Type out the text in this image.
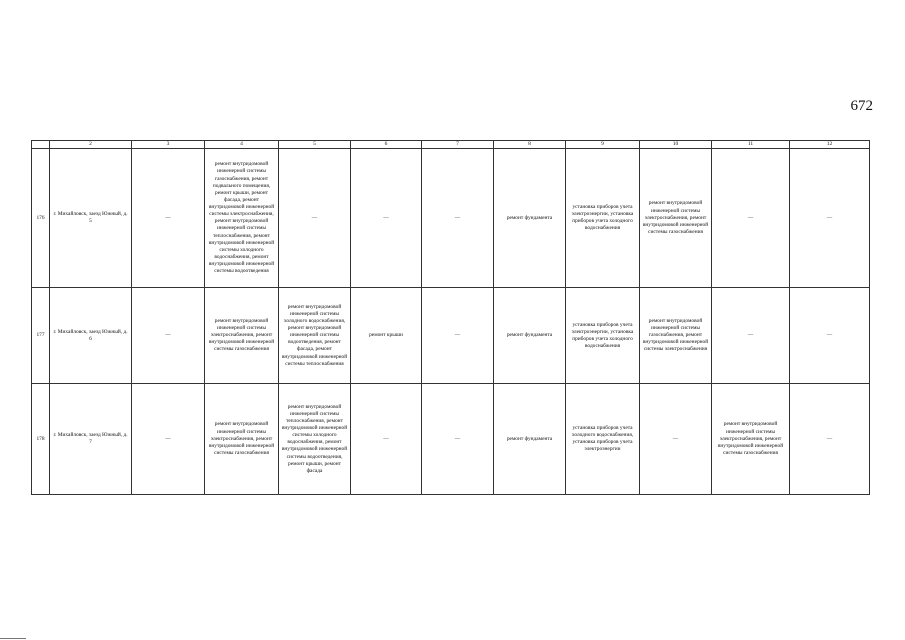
672
	2	3	4	5	6	7	8	9	10	11	12
176	г. Михайловск, заезд Южный, д. 5	—	ремонт внутридомовой инженерной системы газоснабжения, ремонт подвального помещения, ремонт крыши, ремонт фасада, ремонт внутридомовой инженерной системы электроснабжения, ремонт внутридомовой инженерной системы теплоснабжения, ремонт внутридомовой инженерной системы холодного водоснабжения, ремонт внутридомовой инженерной системы водоотведения	—	—	—	ремонт фундамента	установка приборов учета электроэнергии, установка приборов учета холодного водоснабжения	ремонт внутридомовой инженерной системы электроснабжения, ремонт внутридомовой инженерной системы газоснабжения	—	—
177	г. Михайловск, заезд Южный, д. 6	—	ремонт внутридомовой инженерной системы электроснабжения, ремонт внутридомовой инженерной системы газоснабжения	ремонт внутридомовой инженерной системы холодного водоснабжения, ремонт внутридомовой инженерной системы водоотведения, ремонт фасада, ремонт внутридомовой инженерной системы теплоснабжения	ремонт крыши	—	ремонт фундамента	установка приборов учета электроэнергии, установка приборов учета холодного водоснабжения	ремонт внутридомовой инженерной системы газоснабжения, ремонт внутридомовой инженерной системы электроснабжения	—	—
178	г. Михайловск, заезд Южный, д. 7	—	ремонт внутридомовой инженерной системы электроснабжения, ремонт внутридомовой инженерной системы газоснабжения	ремонт внутридомовой инженерной системы теплоснабжения, ремонт внутридомовой инженерной системы холодного водоснабжения, ремонт внутридомовой инженерной системы водоотведения, ремонт крыши, ремонт фасада	—	—	ремонт фундамента	установка приборов учета холодного водоснабжения, установка приборов учета электроэнергии	—	ремонт внутридомовой инженерной системы электроснабжения, ремонт внутридомовой инженерной системы газоснабжения	—
